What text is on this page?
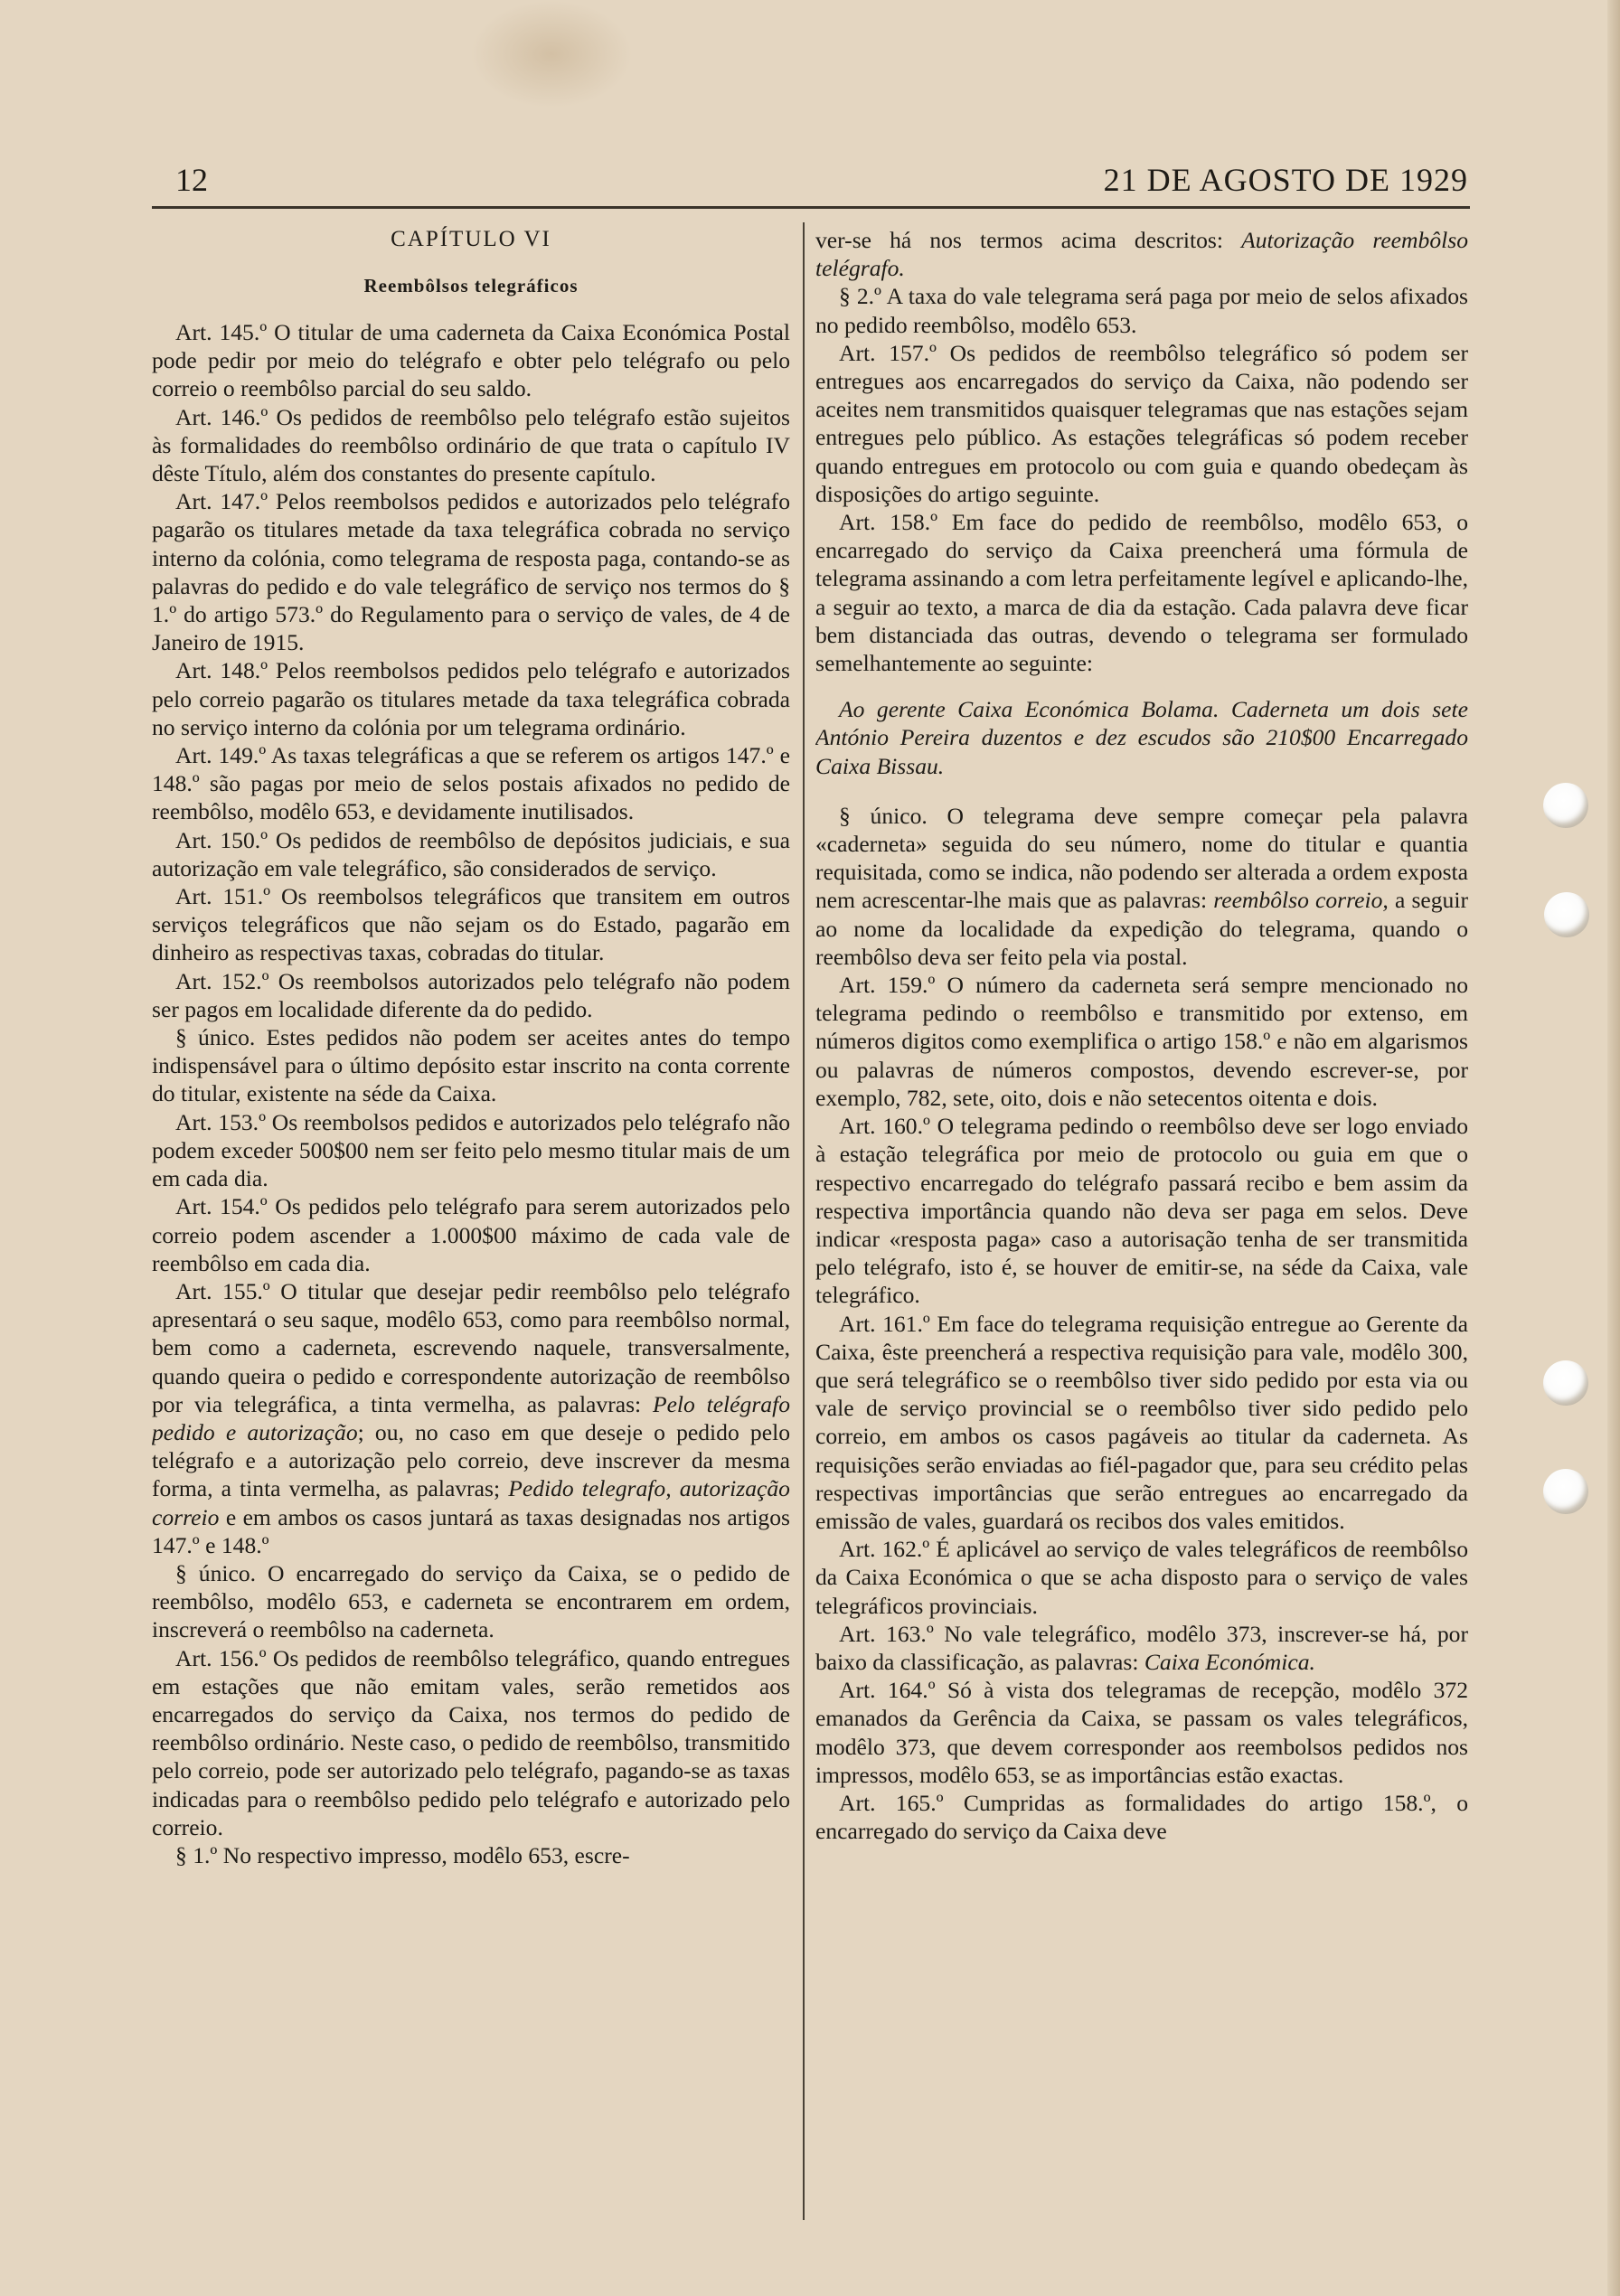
12	21 DE AGOSTO DE 1929
CAPÍTULO VI
Reembôlsos telegráficos

Art. 145.º O titular de uma caderneta da Caixa Económica Postal pode pedir por meio do telégrafo e obter pelo telégrafo ou pelo correio o reembôlso parcial do seu saldo.

Art. 146.º Os pedidos de reembôlso pelo telégrafo estão sujeitos às formalidades do reembôlso ordinário de que trata o capítulo IV dêste Título, além dos constantes do presente capítulo.

Art. 147.º Pelos reembolsos pedidos e autorizados pelo telégrafo pagarão os titulares metade da taxa telegráfica cobrada no serviço interno da colónia, como telegrama de resposta paga, contando-se as palavras do pedido e do vale telegráfico de serviço nos termos do § 1.º do artigo 573.º do Regulamento para o serviço de vales, de 4 de Janeiro de 1915.

Art. 148.º Pelos reembolsos pedidos pelo telégrafo e autorizados pelo correio pagarão os titulares metade da taxa telegráfica cobrada no serviço interno da colónia por um telegrama ordinário.

Art. 149.º As taxas telegráficas a que se referem os artigos 147.º e 148.º são pagas por meio de selos postais afixados no pedido de reembôlso, modêlo 653, e devidamente inutilisados.

Art. 150.º Os pedidos de reembôlso de depósitos judiciais, e sua autorização em vale telegráfico, são considerados de serviço.

Art. 151.º Os reembolsos telegráficos que transitem em outros serviços telegráficos que não sejam os do Estado, pagarão em dinheiro as respectivas taxas, cobradas do titular.

Art. 152.º Os reembolsos autorizados pelo telégrafo não podem ser pagos em localidade diferente da do pedido.

§ único. Estes pedidos não podem ser aceites antes do tempo indispensável para o último depósito estar inscrito na conta corrente do titular, existente na séde da Caixa.

Art. 153.º Os reembolsos pedidos e autorizados pelo telégrafo não podem exceder 500$00 nem ser feito pelo mesmo titular mais de um em cada dia.

Art. 154.º Os pedidos pelo telégrafo para serem autorizados pelo correio podem ascender a 1.000$00 máximo de cada vale de reembôlso em cada dia.

Art. 155.º O titular que desejar pedir reembôlso pelo telégrafo apresentará o seu saque, modêlo 653, como para reembôlso normal, bem como a caderneta, escrevendo naquele, transversalmente, quando queira o pedido e correspondente autorização de reembôlso por via telegráfica, a tinta vermelha, as palavras: Pelo telégrafo pedido e autorização; ou, no caso em que deseje o pedido pelo telégrafo e a autorização pelo correio, deve inscrever da mesma forma, a tinta vermelha, as palavras; Pedido telegrafo, autorização correio e em ambos os casos juntará as taxas designadas nos artigos 147.º e 148.º

§ único. O encarregado do serviço da Caixa, se o pedido de reembôlso, modêlo 653, e caderneta se encontrarem em ordem, inscreverá o reembôlso na caderneta.

Art. 156.º Os pedidos de reembôlso telegráfico, quando entregues em estações que não emitam vales, serão remetidos aos encarregados do serviço da Caixa, nos termos do pedido de reembôlso ordinário. Neste caso, o pedido de reembôlso, transmitido pelo correio, pode ser autorizado pelo telégrafo, pagando-se as taxas indicadas para o reembôlso pedido pelo telégrafo e autorizado pelo correio.

§ 1.º No respectivo impresso, modêlo 653, escre-

ver-se há nos termos acima descritos: Autorização reembôlso telégrafo.

§ 2.º A taxa do vale telegrama será paga por meio de selos afixados no pedido reembôlso, modêlo 653.

Art. 157.º Os pedidos de reembôlso telegráfico só podem ser entregues aos encarregados do serviço da Caixa, não podendo ser aceites nem transmitidos quaisquer telegramas que nas estações sejam entregues pelo público. As estações telegráficas só podem receber quando entregues em protocolo ou com guia e quando obedeçam às disposições do artigo seguinte.

Art. 158.º Em face do pedido de reembôlso, modêlo 653, o encarregado do serviço da Caixa preencherá uma fórmula de telegrama assinando a com letra perfeitamente legível e aplicando-lhe, a seguir ao texto, a marca de dia da estação. Cada palavra deve ficar bem distanciada das outras, devendo o telegrama ser formulado semelhantemente ao seguinte:

Ao gerente Caixa Económica Bolama. Caderneta um dois sete António Pereira duzentos e dez escudos são 210$00 Encarregado Caixa Bissau.

§ único. O telegrama deve sempre começar pela palavra «caderneta» seguida do seu número, nome do titular e quantia requisitada, como se indica, não podendo ser alterada a ordem exposta nem acrescentar-lhe mais que as palavras: reembôlso correio, a seguir ao nome da localidade da expedição do telegrama, quando o reembôlso deva ser feito pela via postal.

Art. 159.º O número da caderneta será sempre mencionado no telegrama pedindo o reembôlso e transmitido por extenso, em números digitos como exemplifica o artigo 158.º e não em algarismos ou palavras de números compostos, devendo escrever-se, por exemplo, 782, sete, oito, dois e não setecentos oitenta e dois.

Art. 160.º O telegrama pedindo o reembôlso deve ser logo enviado à estação telegráfica por meio de protocolo ou guia em que o respectivo encarregado do telégrafo passará recibo e bem assim da respectiva importância quando não deva ser paga em selos. Deve indicar «resposta paga» caso a autorisação tenha de ser transmitida pelo telégrafo, isto é, se houver de emitir-se, na séde da Caixa, vale telegráfico.

Art. 161.º Em face do telegrama requisição entregue ao Gerente da Caixa, êste preencherá a respectiva requisição para vale, modêlo 300, que será telegráfico se o reembôlso tiver sido pedido por esta via ou vale de serviço provincial se o reembôlso tiver sido pedido pelo correio, em ambos os casos pagáveis ao titular da caderneta. As requisições serão enviadas ao fiél-pagador que, para seu crédito pelas respectivas importâncias que serão entregues ao encarregado da emissão de vales, guardará os recibos dos vales emitidos.

Art. 162.º É aplicável ao serviço de vales telegráficos de reembôlso da Caixa Económica o que se acha disposto para o serviço de vales telegráficos provinciais.

Art. 163.º No vale telegráfico, modêlo 373, inscrever-se há, por baixo da classificação, as palavras: Caixa Económica.

Art. 164.º Só à vista dos telegramas de recepção, modêlo 372 emanados da Gerência da Caixa, se passam os vales telegráficos, modêlo 373, que devem corresponder aos reembolsos pedidos nos impressos, modêlo 653, se as importâncias estão exactas.

Art. 165.º Cumpridas as formalidades do artigo 158.º, o encarregado do serviço da Caixa deve
